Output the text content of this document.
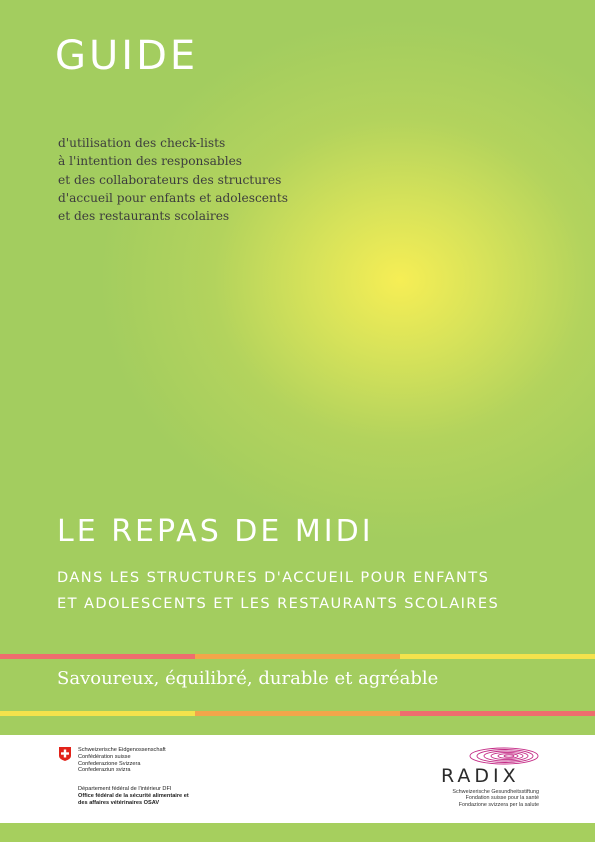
GUIDE
d'utilisation des check-lists
à l'intention des responsables
et des collaborateurs des structures
d'accueil pour enfants et adolescents
et des restaurants scolaires
LE REPAS DE MIDI
DANS LES STRUCTURES D'ACCUEIL POUR ENFANTS
ET ADOLESCENTS ET LES RESTAURANTS SCOLAIRES
Savoureux, équilibré, durable et agréable
Schweizerische Eidgenossenschaft
Confédération suisse
Confederazione Svizzera
Confederaziun svizra
Département fédéral de l'intérieur DFI
Office fédéral de la sécurité alimentaire et
des affaires vétérinaires OSAV
RADIX
Schweizerische Gesundheitsstiftung
Fondation suisse pour la santé
Fondazione svizzera per la salute
